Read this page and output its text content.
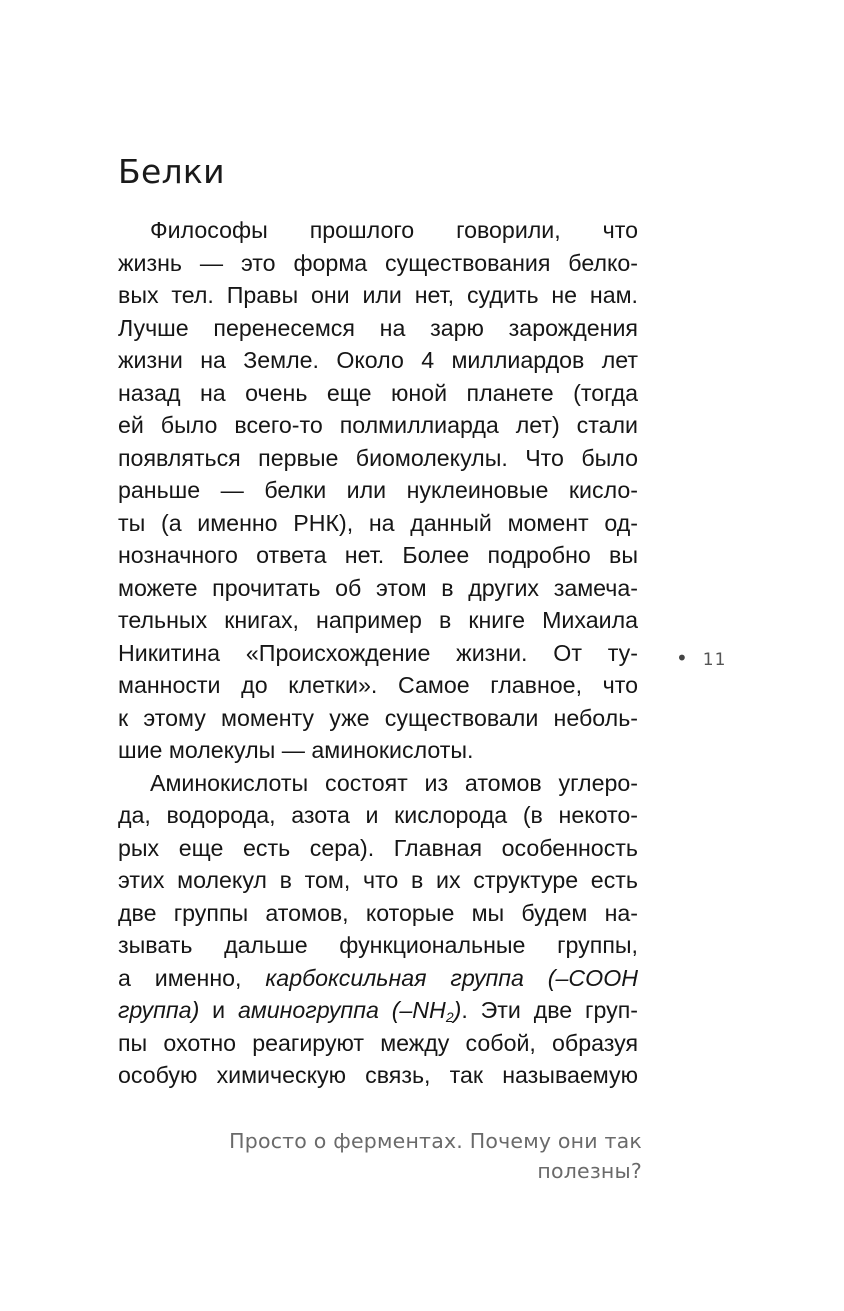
Белки

Философы прошлого говорили, что
жизнь — это форма существования белко-
вых тел. Правы они или нет, судить не нам.
Лучше перенесемся на зарю зарождения
жизни на Земле. Около 4 миллиардов лет
назад на очень еще юной планете (тогда
ей было всего-то полмиллиарда лет) стали
появляться первые биомолекулы. Что было
раньше — белки или нуклеиновые кисло-
ты (а именно РНК), на данный момент од-
нозначного ответа нет. Более подробно вы
можете прочитать об этом в других замеча-
тельных книгах, например в книге Михаила
Никитина «Происхождение жизни. От ту-
манности до клетки». Самое главное, что
к этому моменту уже существовали неболь-
шие молекулы — аминокислоты.

Аминокислоты состоят из атомов углеро-
да, водорода, азота и кислорода (в некото-
рых еще есть сера). Главная особенность
этих молекул в том, что в их структуре есть
две группы атомов, которые мы будем на-
зывать дальше функциональные группы,
а именно, карбоксильная группа (–COOH
группа) и аминогруппа $(-NH_2)$. Эти две груп-
пы охотно реагируют между собой, образуя
особую химическую связь, так называемую

• 11
Просто о ферментах. Почему они так полезны?
